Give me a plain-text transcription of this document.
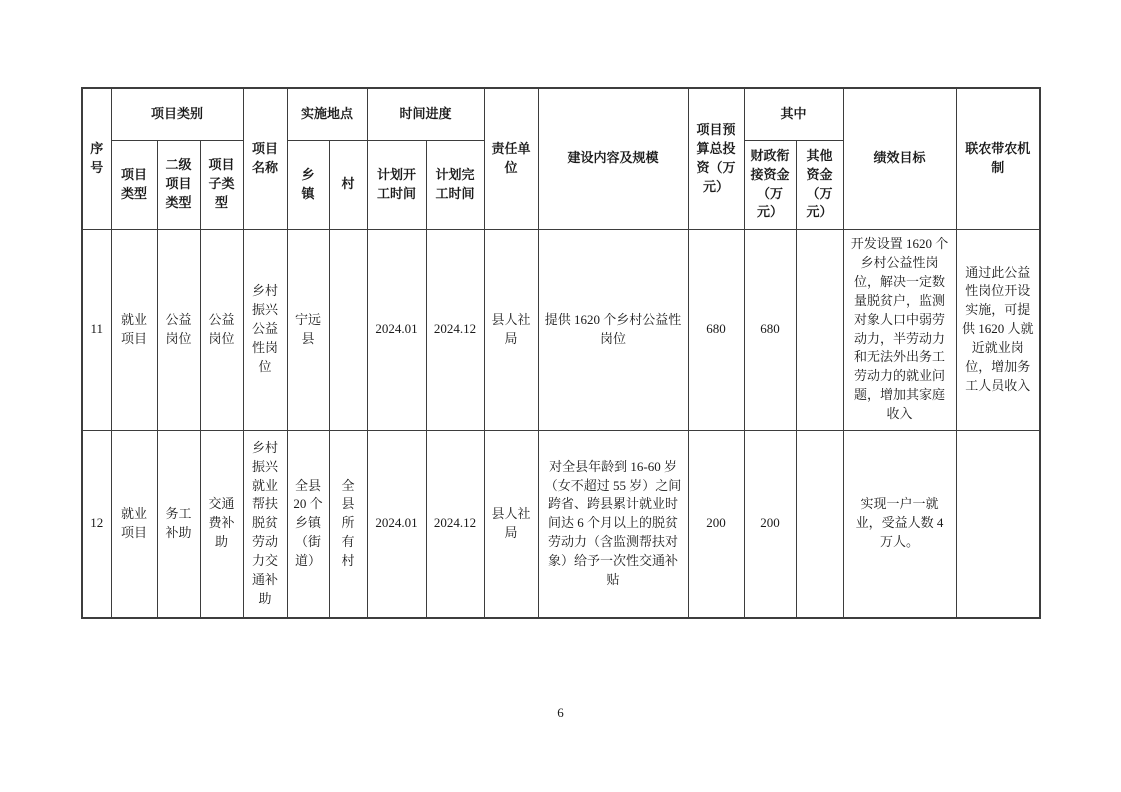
序号	项目类别			项目名称	实施地点		时间进度		责任单位	建设内容及规模	项目预算总投资（万元）	其中		绩效目标	联农带农机制
	项目类型	二级项目类型	项目子类型		乡镇	村	计划开工时间	计划完工时间				财政衔接资金（万元）	其他资金（万元）		
11	就业项目	公益岗位	公益岗位	乡村振兴公益性岗位	宁远县		2024.01	2024.12	县人社局	提供 1620 个乡村公益性岗位	680	680		开发设置 1620 个乡村公益性岗位，解决一定数量脱贫户，监测对象人口中弱劳动力，半劳动力和无法外出务工劳动力的就业问题，增加其家庭收入	通过此公益性岗位开设实施，可提供 1620 人就近就业岗位，增加务工人员收入
12	就业项目	务工补助	交通费补助	乡村振兴就业帮扶脱贫劳动力交通补助	全县 20 个乡镇（街道）	全县所有村	2024.01	2024.12	县人社局	对全县年龄到 16-60 岁（女不超过 55 岁）之间跨省、跨县累计就业时间达 6 个月以上的脱贫劳动力（含监测帮扶对象）给予一次性交通补贴	200	200		实现一户一就业，受益人数 4 万人。	
6
